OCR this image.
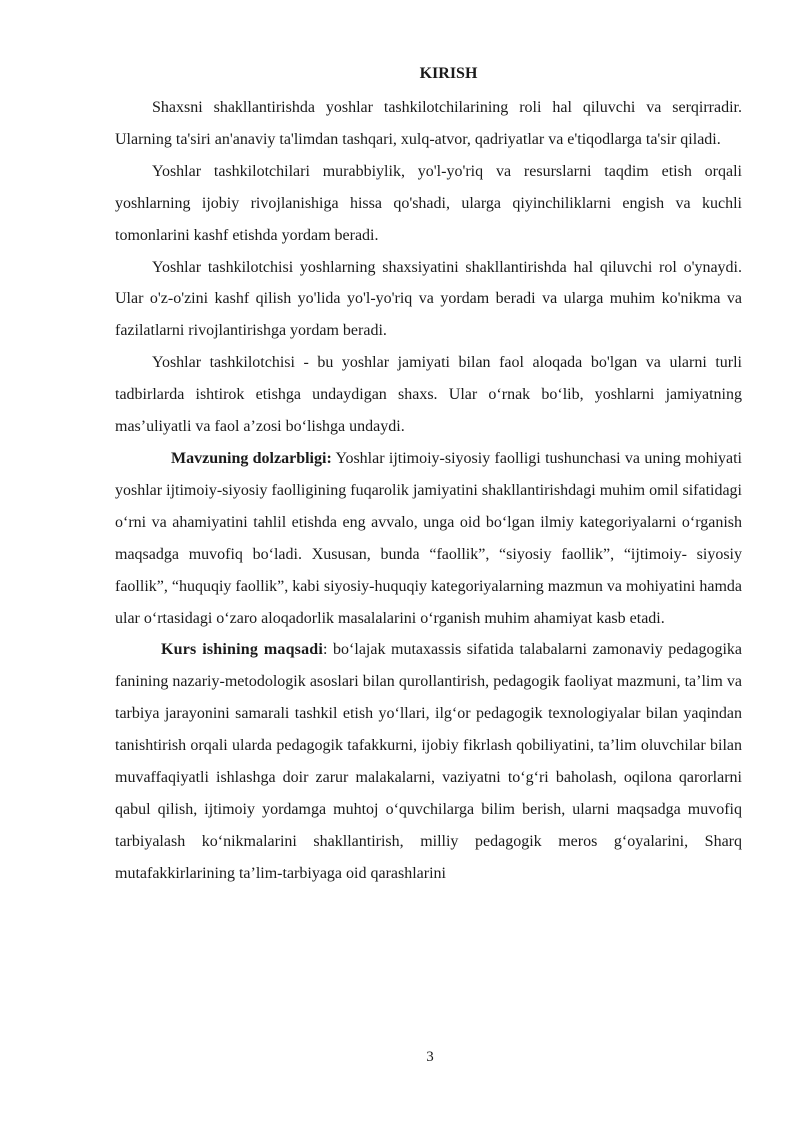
KIRISH

Shaxsni shakllantirishda yoshlar tashkilotchilarining roli hal qiluvchi va serqirradir. Ularning ta'siri an'anaviy ta'limdan tashqari, xulq-atvor, qadriyatlar va e'tiqodlarga ta'sir qiladi.

Yoshlar tashkilotchilari murabbiylik, yo'l-yo'riq va resurslarni taqdim etish orqali yoshlarning ijobiy rivojlanishiga hissa qo'shadi, ularga qiyinchiliklarni engish va kuchli tomonlarini kashf etishda yordam beradi.

Yoshlar tashkilotchisi yoshlarning shaxsiyatini shakllantirishda hal qiluvchi rol o'ynaydi. Ular o'z-o'zini kashf qilish yo'lida yo'l-yo'riq va yordam beradi va ularga muhim ko'nikma va fazilatlarni rivojlantirishga yordam beradi.

Yoshlar tashkilotchisi - bu yoshlar jamiyati bilan faol aloqada bo'lgan va ularni turli tadbirlarda ishtirok etishga undaydigan shaxs. Ular o‘rnak bo‘lib, yoshlarni jamiyatning mas’uliyatli va faol a’zosi bo‘lishga undaydi.

Mavzuning dolzarbligi: Yoshlar ijtimoiy-siyosiy faolligi tushunchasi va uning mohiyati yoshlar ijtimoiy-siyosiy faolligining fuqarolik jamiyatini shakllantirishdagi muhim omil sifatidagi o‘rni va ahamiyatini tahlil etishda eng avvalo, unga oid bo‘lgan ilmiy kategoriyalarni o‘rganish maqsadga muvofiq bo‘ladi. Xususan, bunda “faollik”, “siyosiy faollik”, “ijtimoiy- siyosiy faollik”, “huquqiy faollik”, kabi siyosiy-huquqiy kategoriyalarning mazmun va mohiyatini hamda ular o‘rtasidagi o‘zaro aloqadorlik masalalarini o‘rganish muhim ahamiyat kasb etadi.

Kurs ishining maqsadi: bo‘lajak mutaxassis sifatida talabalarni zamonaviy pedagogika fanining nazariy-metodologik asoslari bilan qurollantirish, pedagogik faoliyat mazmuni, ta’lim va tarbiya jarayonini samarali tashkil etish yo‘llari, ilg‘or pedagogik texnologiyalar bilan yaqindan tanishtirish orqali ularda pedagogik tafakkurni, ijobiy fikrlash qobiliyatini, ta’lim oluvchilar bilan muvaffaqiyatli ishlashga doir zarur malakalarni, vaziyatni to‘g‘ri baholash, oqilona qarorlarni qabul qilish, ijtimoiy yordamga muhtoj o‘quvchilarga bilim berish, ularni maqsadga muvofiq tarbiyalash ko‘nikmalarini shakllantirish, milliy pedagogik meros g‘oyalarini, Sharq mutafakkirlarining ta’lim-tarbiyaga oid qarashlarini

3
